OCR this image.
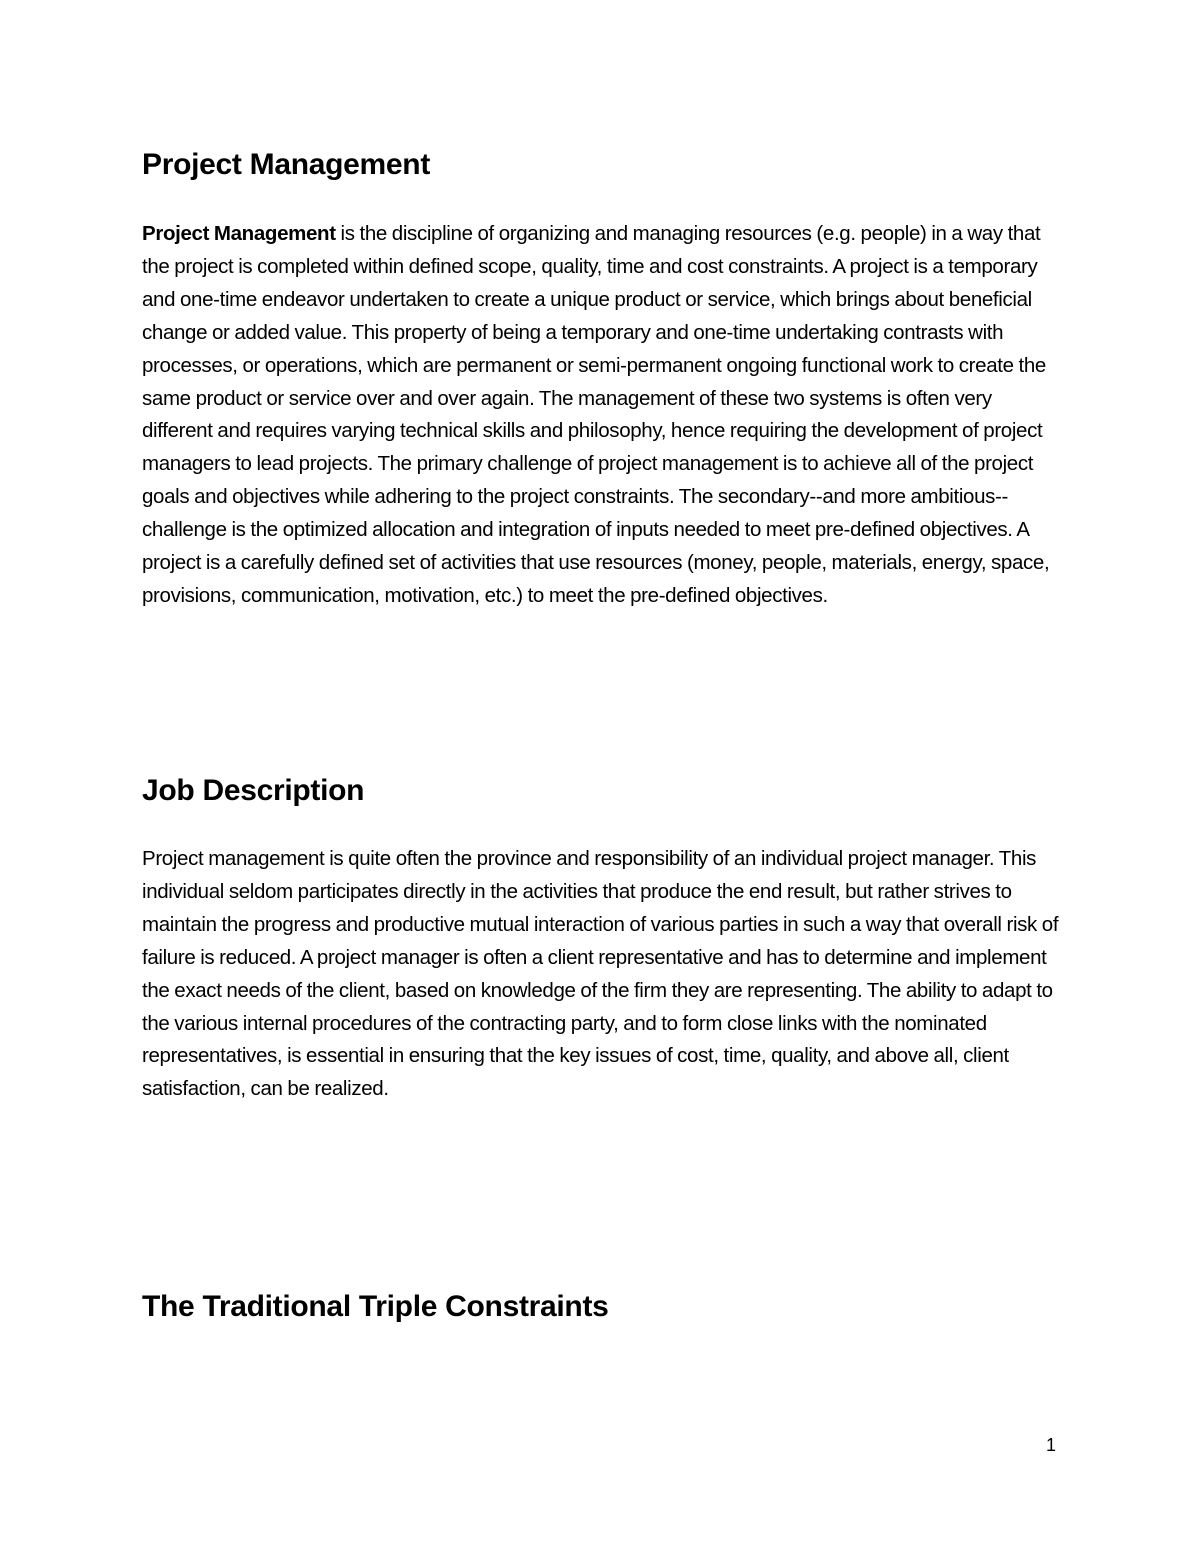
Project Management

Project Management is the discipline of organizing and managing resources (e.g. people) in a way that the project is completed within defined scope, quality, time and cost constraints. A project is a temporary and one-time endeavor undertaken to create a unique product or service, which brings about beneficial change or added value. This property of being a temporary and one-time undertaking contrasts with processes, or operations, which are permanent or semi-permanent ongoing functional work to create the same product or service over and over again. The management of these two systems is often very different and requires varying technical skills and philosophy, hence requiring the development of project managers to lead projects. The primary challenge of project management is to achieve all of the project goals and objectives while adhering to the project constraints. The secondary--and more ambitious--challenge is the optimized allocation and integration of inputs needed to meet pre-defined objectives. A project is a carefully defined set of activities that use resources (money, people, materials, energy, space, provisions, communication, motivation, etc.) to meet the pre-defined objectives.

Job Description

Project management is quite often the province and responsibility of an individual project manager. This individual seldom participates directly in the activities that produce the end result, but rather strives to maintain the progress and productive mutual interaction of various parties in such a way that overall risk of failure is reduced. A project manager is often a client representative and has to determine and implement the exact needs of the client, based on knowledge of the firm they are representing. The ability to adapt to the various internal procedures of the contracting party, and to form close links with the nominated representatives, is essential in ensuring that the key issues of cost, time, quality, and above all, client satisfaction, can be realized.

The Traditional Triple Constraints
1
